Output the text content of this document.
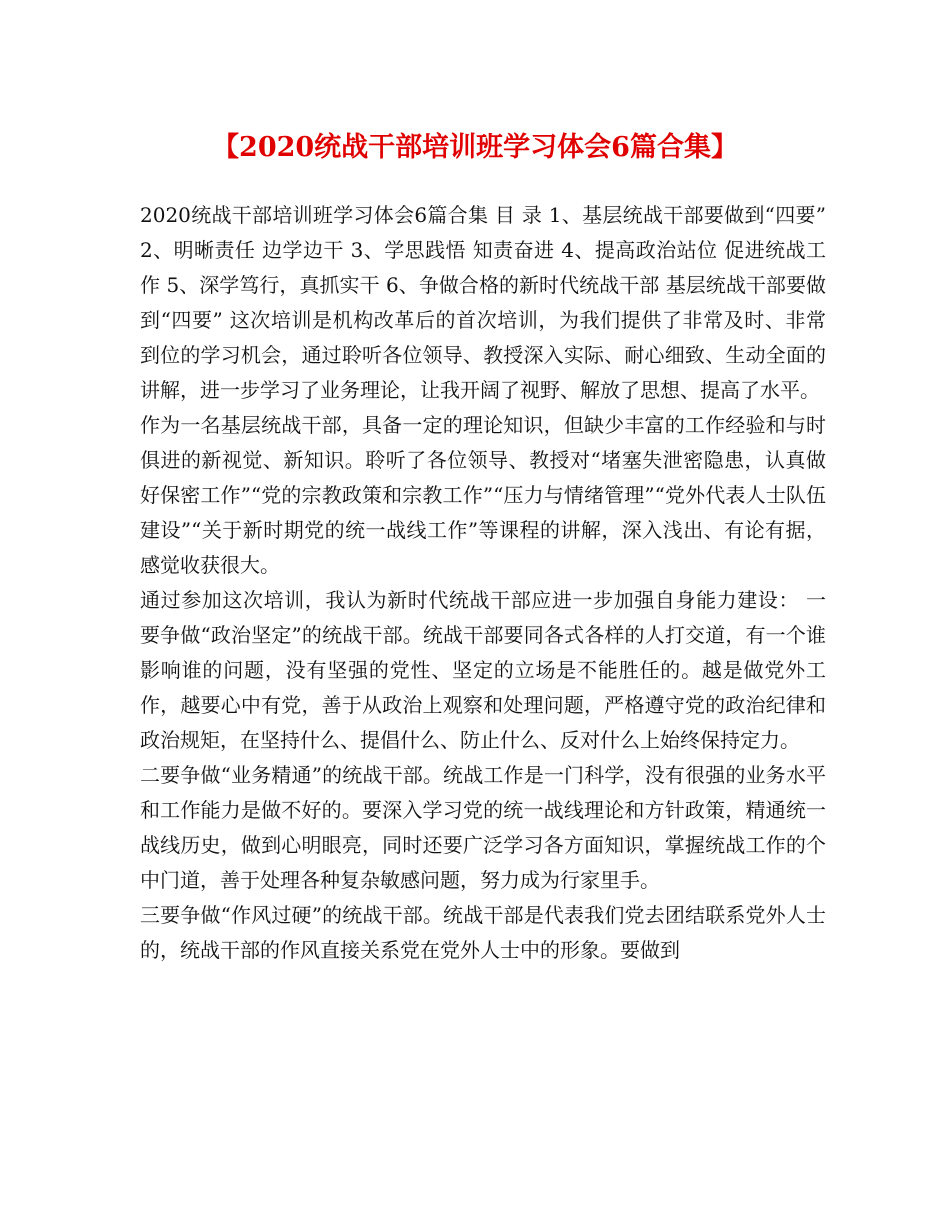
【2020统战干部培训班学习体会6篇合集】

2020统战干部培训班学习体会6篇合集 目 录 1、基层统战干部要做到“四要” 2、明晰责任 边学边干 3、学思践悟 知责奋进 4、提高政治站位 促进统战工作 5、深学笃行，真抓实干 6、争做合格的新时代统战干部 基层统战干部要做到“四要” 这次培训是机构改革后的首次培训，为我们提供了非常及时、非常到位的学习机会，通过聆听各位领导、教授深入实际、耐心细致、生动全面的讲解，进一步学习了业务理论，让我开阔了视野、解放了思想、提高了水平。

作为一名基层统战干部，具备一定的理论知识，但缺少丰富的工作经验和与时俱进的新视觉、新知识。聆听了各位领导、教授对“堵塞失泄密隐患，认真做好保密工作”“党的宗教政策和宗教工作”“压力与情绪管理”“党外代表人士队伍建设”“关于新时期党的统一战线工作”等课程的讲解，深入浅出、有论有据，感觉收获很大。

通过参加这次培训，我认为新时代统战干部应进一步加强自身能力建设： 一要争做“政治坚定”的统战干部。统战干部要同各式各样的人打交道，有一个谁影响谁的问题，没有坚强的党性、坚定的立场是不能胜任的。越是做党外工作，越要心中有党，善于从政治上观察和处理问题，严格遵守党的政治纪律和政治规矩，在坚持什么、提倡什么、防止什么、反对什么上始终保持定力。

二要争做“业务精通”的统战干部。统战工作是一门科学，没有很强的业务水平和工作能力是做不好的。要深入学习党的统一战线理论和方针政策，精通统一战线历史，做到心明眼亮，同时还要广泛学习各方面知识，掌握统战工作的个中门道，善于处理各种复杂敏感问题，努力成为行家里手。

三要争做“作风过硬”的统战干部。统战干部是代表我们党去团结联系党外人士的，统战干部的作风直接关系党在党外人士中的形象。要做到
